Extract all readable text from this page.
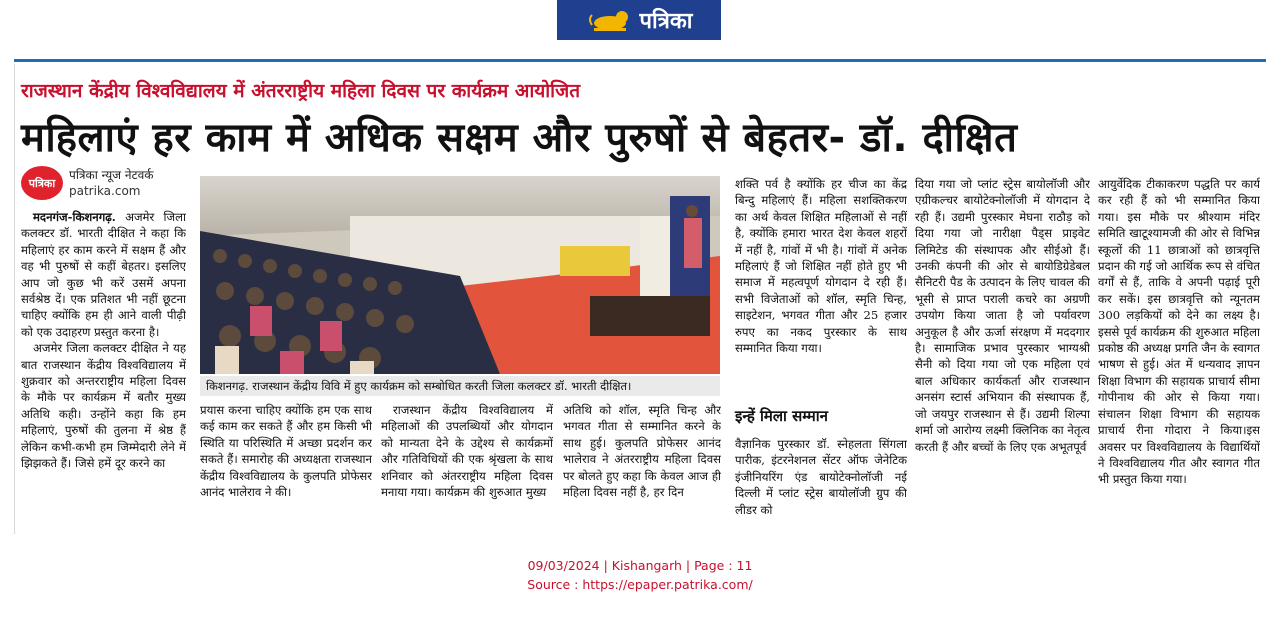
पत्रिका
राजस्थान केंद्रीय विश्वविद्यालय में अंतरराष्ट्रीय महिला दिवस पर कार्यक्रम आयोजित
महिलाएं हर काम में अधिक सक्षम और पुरुषों से बेहतर- डॉ. दीक्षित
पत्रिका
पत्रिका न्यूज नेटवर्क
patrika.com

मदनगंज-किशनगढ़. अजमेर जिला कलक्टर डॉ. भारती दीक्षित ने कहा कि महिलाएं हर काम करने में सक्षम हैं और वह भी पुरुषों से कहीं बेहतर। इसलिए आप जो कुछ भी करें उसमें अपना सर्वश्रेष्ठ दें। एक प्रतिशत भी नहीं छूटना चाहिए क्योंकि हम ही आने वाली पीढ़ी को एक उदाहरण प्रस्तुत करना है।

अजमेर जिला कलक्टर दीक्षित ने यह बात राजस्थान केंद्रीय विश्वविद्यालय में शुक्रवार को अन्तरराष्ट्रीय महिला दिवस के मौके पर कार्यक्रम में बतौर मुख्य अतिथि कही। उन्होंने कहा कि हम महिलाएं, पुरुषों की तुलना में श्रेष्ठ हैं लेकिन कभी-कभी हम जिम्मेदारी लेने में झिझकते हैं। जिसे हमें दूर करने का

किशनगढ़. राजस्थान केंद्रीय विवि में हुए कार्यक्रम को सम्बोधित करती जिला कलक्टर डॉ. भारती दीक्षित।

प्रयास करना चाहिए क्योंकि हम एक साथ कई काम कर सकते हैं और हम किसी भी स्थिति या परिस्थिति में अच्छा प्रदर्शन कर सकते हैं। समारोह की अध्यक्षता राजस्थान केंद्रीय विश्वविद्यालय के कुलपति प्रोफेसर आनंद भालेराव ने की।

राजस्थान केंद्रीय विश्वविद्यालय में महिलाओं की उपलब्धियों और योगदान को मान्यता देने के उद्देश्य से कार्यक्रमों और गतिविधियों की एक श्रृंखला के साथ शनिवार को अंतरराष्ट्रीय महिला दिवस मनाया गया। कार्यक्रम की शुरुआत मुख्य

अतिथि को शॉल, स्मृति चिन्ह और भगवत गीता से सम्मानित करने के साथ हुई। कुलपति प्रोफेसर आनंद भालेराव ने अंतरराष्ट्रीय महिला दिवस पर बोलते हुए कहा कि केवल आज ही महिला दिवस नहीं है, हर दिन

शक्ति पर्व है क्योंकि हर चीज का केंद्र बिन्दु महिलाएं हैं। महिला सशक्तिकरण का अर्थ केवल शिक्षित महिलाओं से नहीं है, क्योंकि हमारा भारत देश केवल शहरों में नहीं है, गांवों में भी है। गांवों में अनेक महिलाएं हैं जो शिक्षित नहीं होते हुए भी समाज में महत्वपूर्ण योगदान दे रही हैं। सभी विजेताओं को शॉल, स्मृति चिन्ह, साइटेशन, भगवत गीता और 25 हजार रुपए का नकद पुरस्कार के साथ सम्मानित किया गया।

इन्हें मिला सम्मान

वैज्ञानिक पुरस्कार डॉ. स्नेहलता सिंगला पारीक, इंटरनेशनल सेंटर ऑफ जेनेटिक इंजीनियरिंग एंड बायोटेक्नोलॉजी नई दिल्ली में प्लांट स्ट्रेस बायोलॉजी ग्रुप की लीडर को

दिया गया जो प्लांट स्ट्रेस बायोलॉजी और एग्रीकल्चर बायोटेक्नोलॉजी में योगदान दे रही हैं। उद्यमी पुरस्कार मेघना राठौड़ को दिया गया जो नारीक्षा पैड्स प्राइवेट लिमिटेड की संस्थापक और सीईओ हैं। उनकी कंपनी की ओर से बायोडिग्रेडेबल सैनिटरी पैड के उत्पादन के लिए चावल की भूसी से प्राप्त पराली कचरे का अग्रणी उपयोग किया जाता है जो पर्यावरण अनुकूल है और ऊर्जा संरक्षण में मददगार है। सामाजिक प्रभाव पुरस्कार भाग्यश्री सैनी को दिया गया जो एक महिला एवं बाल अधिकार कार्यकर्ता और राजस्थान अनसंग स्टार्स अभियान की संस्थापक हैं, जो जयपुर राजस्थान से हैं। उद्यमी शिल्पा शर्मा जो आरोग्य लक्ष्मी क्लिनिक का नेतृत्व करती हैं और बच्चों के लिए एक अभूतपूर्व

आयुर्वेदिक टीकाकरण पद्धति पर कार्य कर रही हैं को भी सम्मानित किया गया। इस मौके पर श्रीश्याम मंदिर समिति खाटूश्यामजी की ओर से विभिन्न स्कूलों की 11 छात्राओं को छात्रवृत्ति प्रदान की गई जो आर्थिक रूप से वंचित वर्गों से हैं, ताकि वे अपनी पढ़ाई पूरी कर सकें। इस छात्रवृत्ति को न्यूनतम 300 लड़कियों को देने का लक्ष्य है। इससे पूर्व कार्यक्रम की शुरुआत महिला प्रकोष्ठ की अध्यक्ष प्रगति जैन के स्वागत भाषण से हुई। अंत में धन्यवाद ज्ञापन शिक्षा विभाग की सहायक प्राचार्य सीमा गोपीनाथ की ओर से किया गया। संचालन शिक्षा विभाग की सहायक प्राचार्य रीना गोदारा ने किया।इस अवसर पर विश्वविद्यालय के विद्यार्थियों ने विश्वविद्यालय गीत और स्वागत गीत भी प्रस्तुत किया गया।

09/03/2024 | Kishangarh | Page : 11
Source : https://epaper.patrika.com/
